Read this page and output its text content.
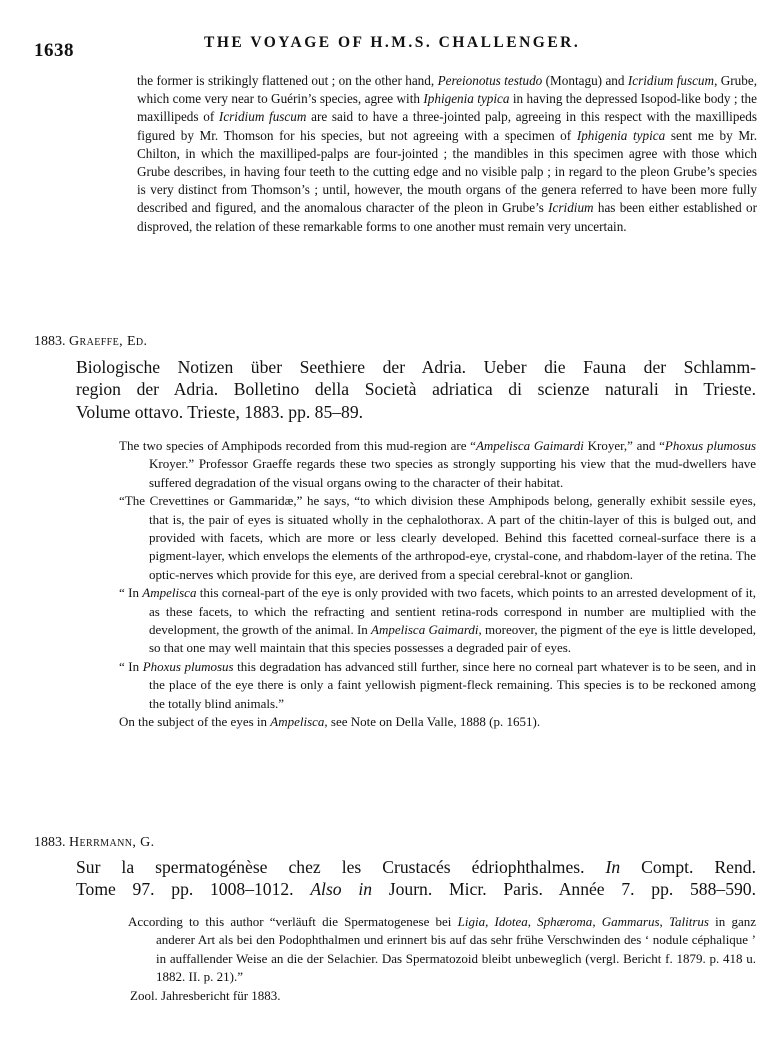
1638	THE VOYAGE OF H.M.S. CHALLENGER.
the former is strikingly flattened out ; on the other hand, Pereionotus testudo (Montagu) and Icridium fuscum, Grube, which come very near to Guérin’s species, agree with Iphigenia typica in having the depressed Isopod-like body ; the maxillipeds of Icridium fuscum are said to have a three-jointed palp, agreeing in this respect with the maxillipeds figured by Mr. Thomson for his species, but not agreeing with a specimen of Iphigenia typica sent me by Mr. Chilton, in which the maxilliped-palps are four-jointed ; the mandibles in this specimen agree with those which Grube describes, in having four teeth to the cutting edge and no visible palp ; in regard to the pleon Grube’s species is very distinct from Thomson’s ; until, however, the mouth organs of the genera referred to have been more fully described and figured, and the anomalous character of the pleon in Grube’s Icridium has been either established or disproved, the relation of these remarkable forms to one another must remain very uncertain.
1883. Graeffe, Ed.
Biologische Notizen über Seethiere der Adria. Ueber die Fauna der Schlamm-
region der Adria. Bolletino della Società adriatica di scienze naturali in Trieste.
Volume ottavo. Trieste, 1883. pp. 85–89.

The two species of Amphipods recorded from this mud-region are “Ampelisca Gaimardi Kroyer,” and “Phoxus plumosus Kroyer.” Professor Graeffe regards these two species as strongly supporting his view that the mud-dwellers have suffered degradation of the visual organs owing to the character of their habitat.

“The Crevettines or Gammaridæ,” he says, “to which division these Amphipods belong, generally exhibit sessile eyes, that is, the pair of eyes is situated wholly in the cephalothorax. A part of the chitin-layer of this is bulged out, and provided with facets, which are more or less clearly developed. Behind this facetted corneal-surface there is a pigment-layer, which envelops the elements of the arthropod-eye, crystal-cone, and rhabdom-layer of the retina. The optic-nerves which provide for this eye, are derived from a special cerebral-knot or ganglion.

“ In Ampelisca this corneal-part of the eye is only provided with two facets, which points to an arrested development of it, as these facets, to which the refracting and sentient retina-rods correspond in number are multiplied with the development, the growth of the animal. In Ampelisca Gaimardi, moreover, the pigment of the eye is little developed, so that one may well maintain that this species possesses a degraded pair of eyes.

“ In Phoxus plumosus this degradation has advanced still further, since here no corneal part whatever is to be seen, and in the place of the eye there is only a faint yellowish pigment-fleck remaining. This species is to be reckoned among the totally blind animals.”

On the subject of the eyes in Ampelisca, see Note on Della Valle, 1888 (p. 1651).

1883. Herrmann, G.
Sur la spermatogénèse chez les Crustacés édriophthalmes. In Compt. Rend.
Tome 97. pp. 1008–1012. Also in Journ. Micr. Paris. Année 7. pp. 588–590.

According to this author “verläuft die Spermatogenese bei Ligia, Idotea, Sphæroma, Gammarus, Talitrus in ganz anderer Art als bei den Podophthalmen und erinnert bis auf das sehr frühe Verschwinden des ‘ nodule céphalique ’ in auffallender Weise an die der Selachier. Das Spermatozoid bleibt unbeweglich (vergl. Bericht f. 1879. p. 418 u. 1882. II. p. 21).”

Zool. Jahresbericht für 1883.
